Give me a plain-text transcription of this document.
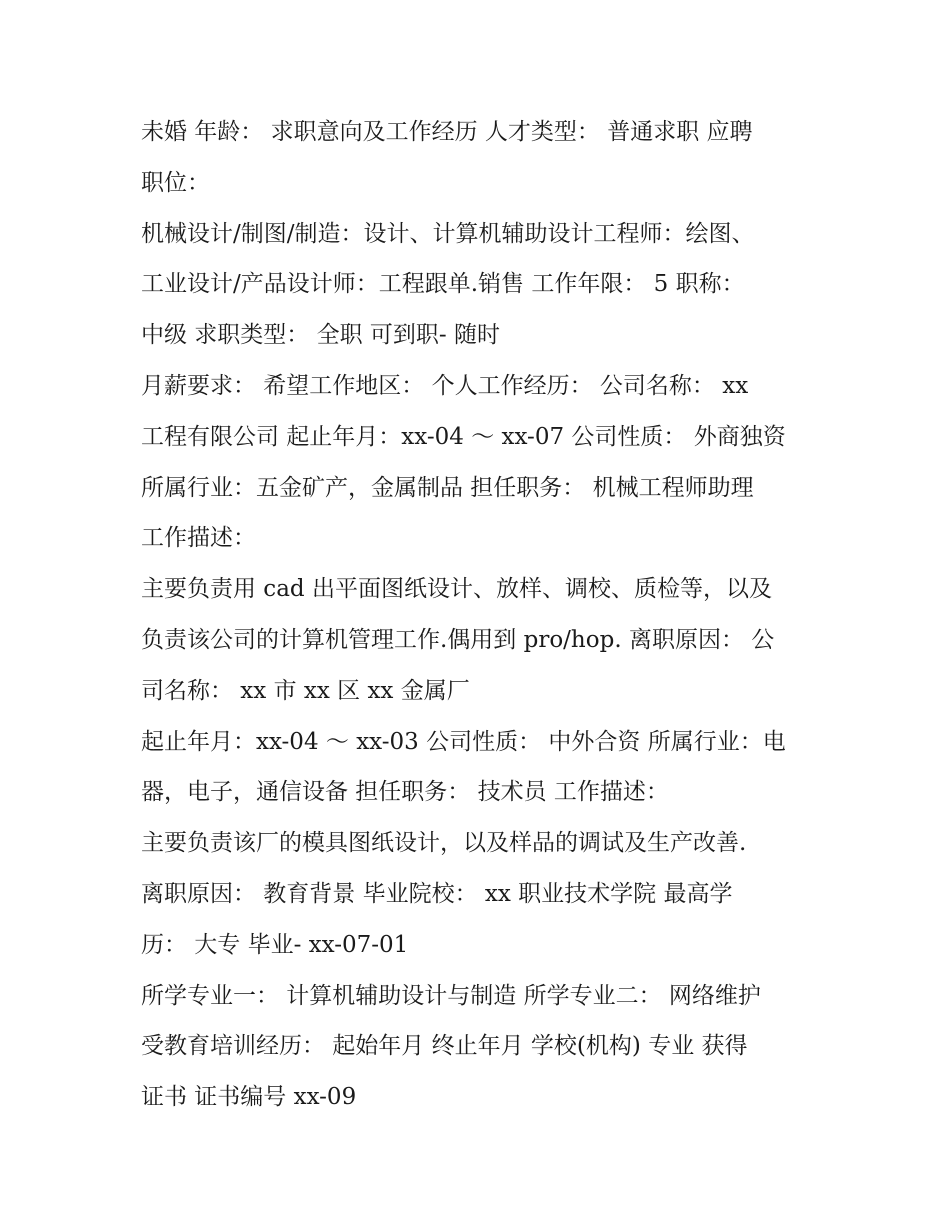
未婚 年龄： 求职意向及工作经历 人才类型： 普通求职 应聘
职位：
机械设计/制图/制造：设计、计算机辅助设计工程师：绘图、
工业设计/产品设计师：工程跟单.销售 工作年限： 5 职称：
中级 求职类型： 全职 可到职- 随时
月薪要求： 希望工作地区： 个人工作经历： 公司名称： xx
工程有限公司 起止年月：xx-04 ～ xx-07 公司性质： 外商独资
所属行业：五金矿产，金属制品 担任职务： 机械工程师助理
工作描述：
主要负责用 cad 出平面图纸设计、放样、调校、质检等，以及
负责该公司的计算机管理工作.偶用到 pro/hop. 离职原因： 公
司名称： xx 市 xx 区 xx 金属厂
起止年月：xx-04 ～ xx-03 公司性质： 中外合资 所属行业：电
器，电子，通信设备 担任职务： 技术员 工作描述：
主要负责该厂的模具图纸设计，以及样品的调试及生产改善.
离职原因： 教育背景 毕业院校： xx 职业技术学院 最高学
历： 大专 毕业- xx-07-01
所学专业一： 计算机辅助设计与制造 所学专业二： 网络维护
受教育培训经历： 起始年月 终止年月 学校(机构) 专业 获得
证书 证书编号 xx-09
